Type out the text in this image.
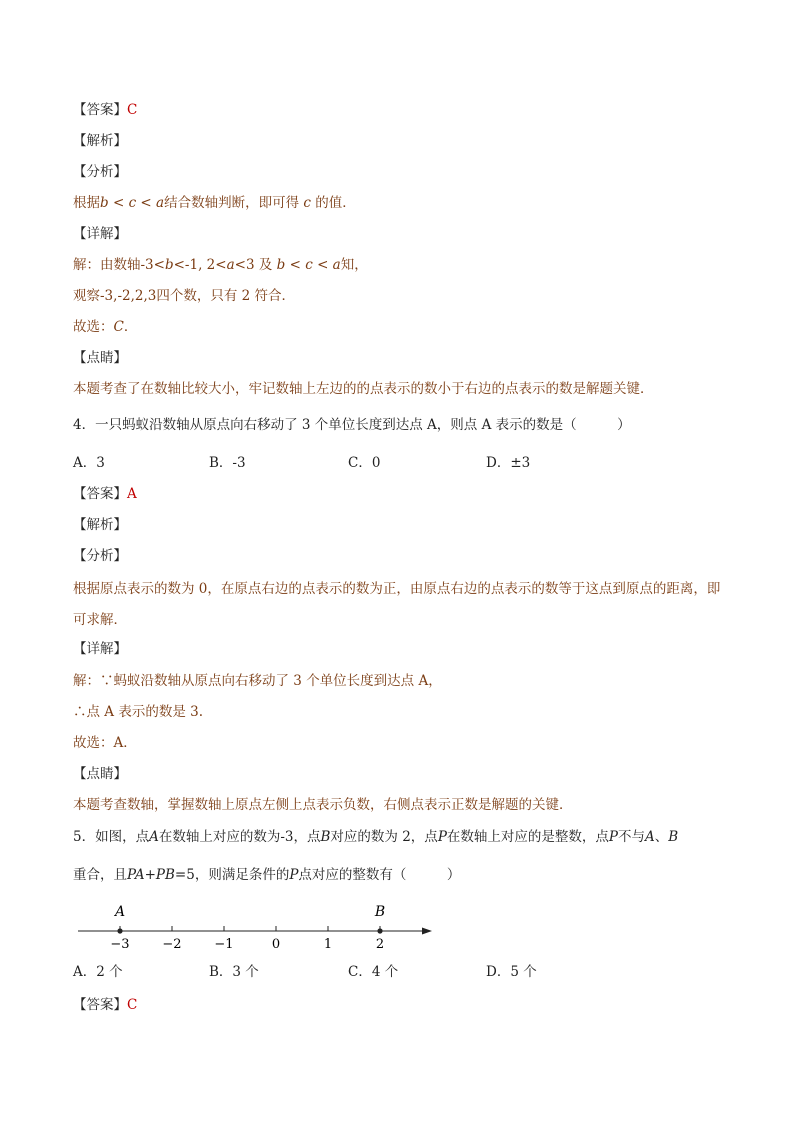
【答案】C
【解析】
【分析】
根据b < c < a结合数轴判断，即可得 c 的值．
【详解】
解：由数轴-3<b<-1, 2<a<3 及 b < c < a知，
观察-3,-2,2,3四个数，只有 2 符合．
故选：C．
【点睛】
本题考查了在数轴比较大小，牢记数轴上左边的的点表示的数小于右边的点表示的数是解题关键．
4．一只蚂蚁沿数轴从原点向右移动了 3 个单位长度到达点 A，则点 A 表示的数是（　　　）
A．3	B．-3	C．0	D．±3
【答案】A
【解析】
【分析】
根据原点表示的数为 0，在原点右边的点表示的数为正，由原点右边的点表示的数等于这点到原点的距离，即可求解．
【详解】
解：∵蚂蚁沿数轴从原点向右移动了 3 个单位长度到达点 A，
∴点 A 表示的数是 3.
故选：A．
【点睛】
本题考查数轴，掌握数轴上原点左侧上点表示负数，右侧点表示正数是解题的关键．
5．如图，点A在数轴上对应的数为-3，点B对应的数为 2，点P在数轴上对应的是整数，点P不与A、B
重合，且PA+PB=5，则满足条件的P点对应的整数有（　　　）
−3	−2	−1	0	1	2
A	B
A．2 个	B．3 个	C．4 个	D．5 个
【答案】C
